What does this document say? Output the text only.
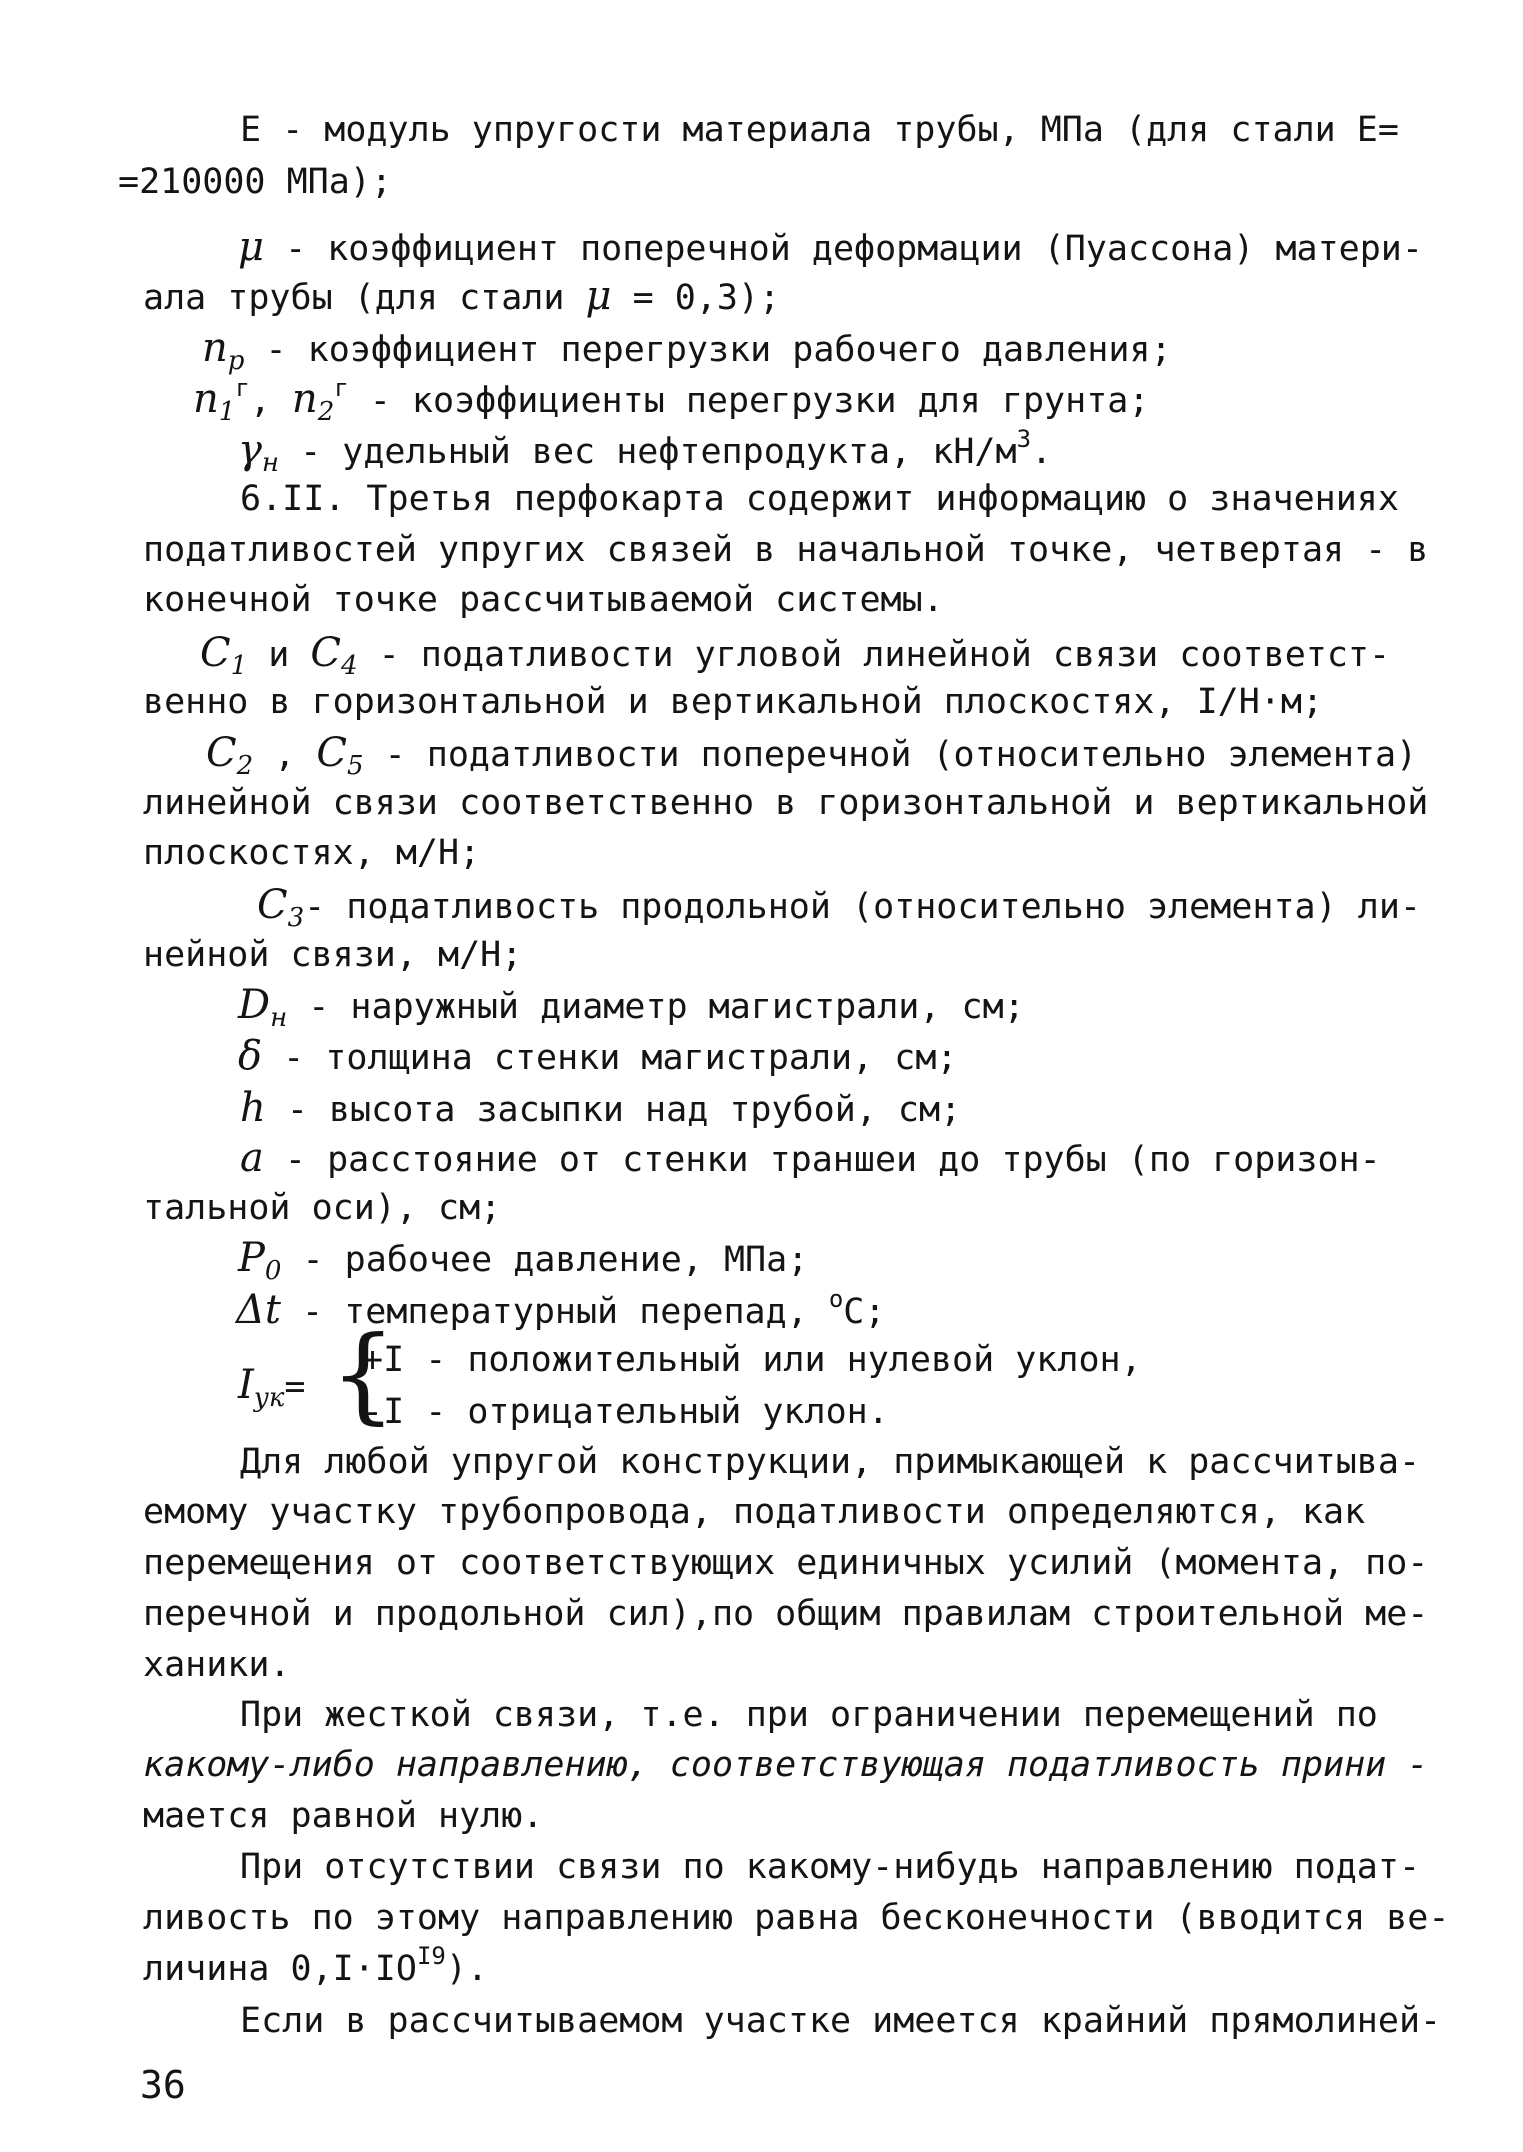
Е - модуль упругости материала трубы, МПа (для стали Е=
=210000 МПа);
μ - коэффициент поперечной деформации (Пуассона) матери-
ала трубы (для стали μ = 0,3);
$n_p$ - коэффициент перегрузки рабочего давления;
$n_1^г$, $n_2^г$ - коэффициенты перегрузки для грунта;
$\gamma_н$ - удельный вес нефтепродукта, $кН/м^3$.
6.II. Третья перфокарта содержит информацию о значениях
податливостей упругих связей в начальной точке, четвертая - в
конечной точке рассчитываемой системы.
$C_1$ и $C_4$ - податливости угловой линейной связи соответст-
венно в горизонтальной и вертикальной плоскостях, I/Н·м;
$C_2$ , $C_5$ - податливости поперечной (относительно элемента)
линейной связи соответственно в горизонтальной и вертикальной
плоскостях, м/Н;
$C_3-$ податливость продольной (относительно элемента) ли-
нейной связи, м/Н;
$D_н$ - наружный диаметр магистрали, см;
δ - толщина стенки магистрали, см;
h - высота засыпки над трубой, см;
a - расстояние от стенки траншеи до трубы (по горизон-
тальной оси), см;
$P_0$ - рабочее давление, МПа;
Δt - температурный перепад, $^о$С;
$I_{ук}=$ {
+I - положительный или нулевой уклон,
-I - отрицательный уклон.
Для любой упругой конструкции, примыкающей к рассчитыва-
емому участку трубопровода, податливости определяются, как
перемещения от соответствующих единичных усилий (момента, по-
перечной и продольной сил),по общим правилам строительной ме-
ханики.
При жесткой связи, т.е. при ограничении перемещений по
какому-либо направлению, соответствующая податливость прини -
мается равной нулю.
При отсутствии связи по какому-нибудь направлению подат-
ливость по этому направлению равна бесконечности (вводится ве-
личина $0,I\cdot IO^{I9}$).
Если в рассчитываемом участке имеется крайний прямолиней-
36
